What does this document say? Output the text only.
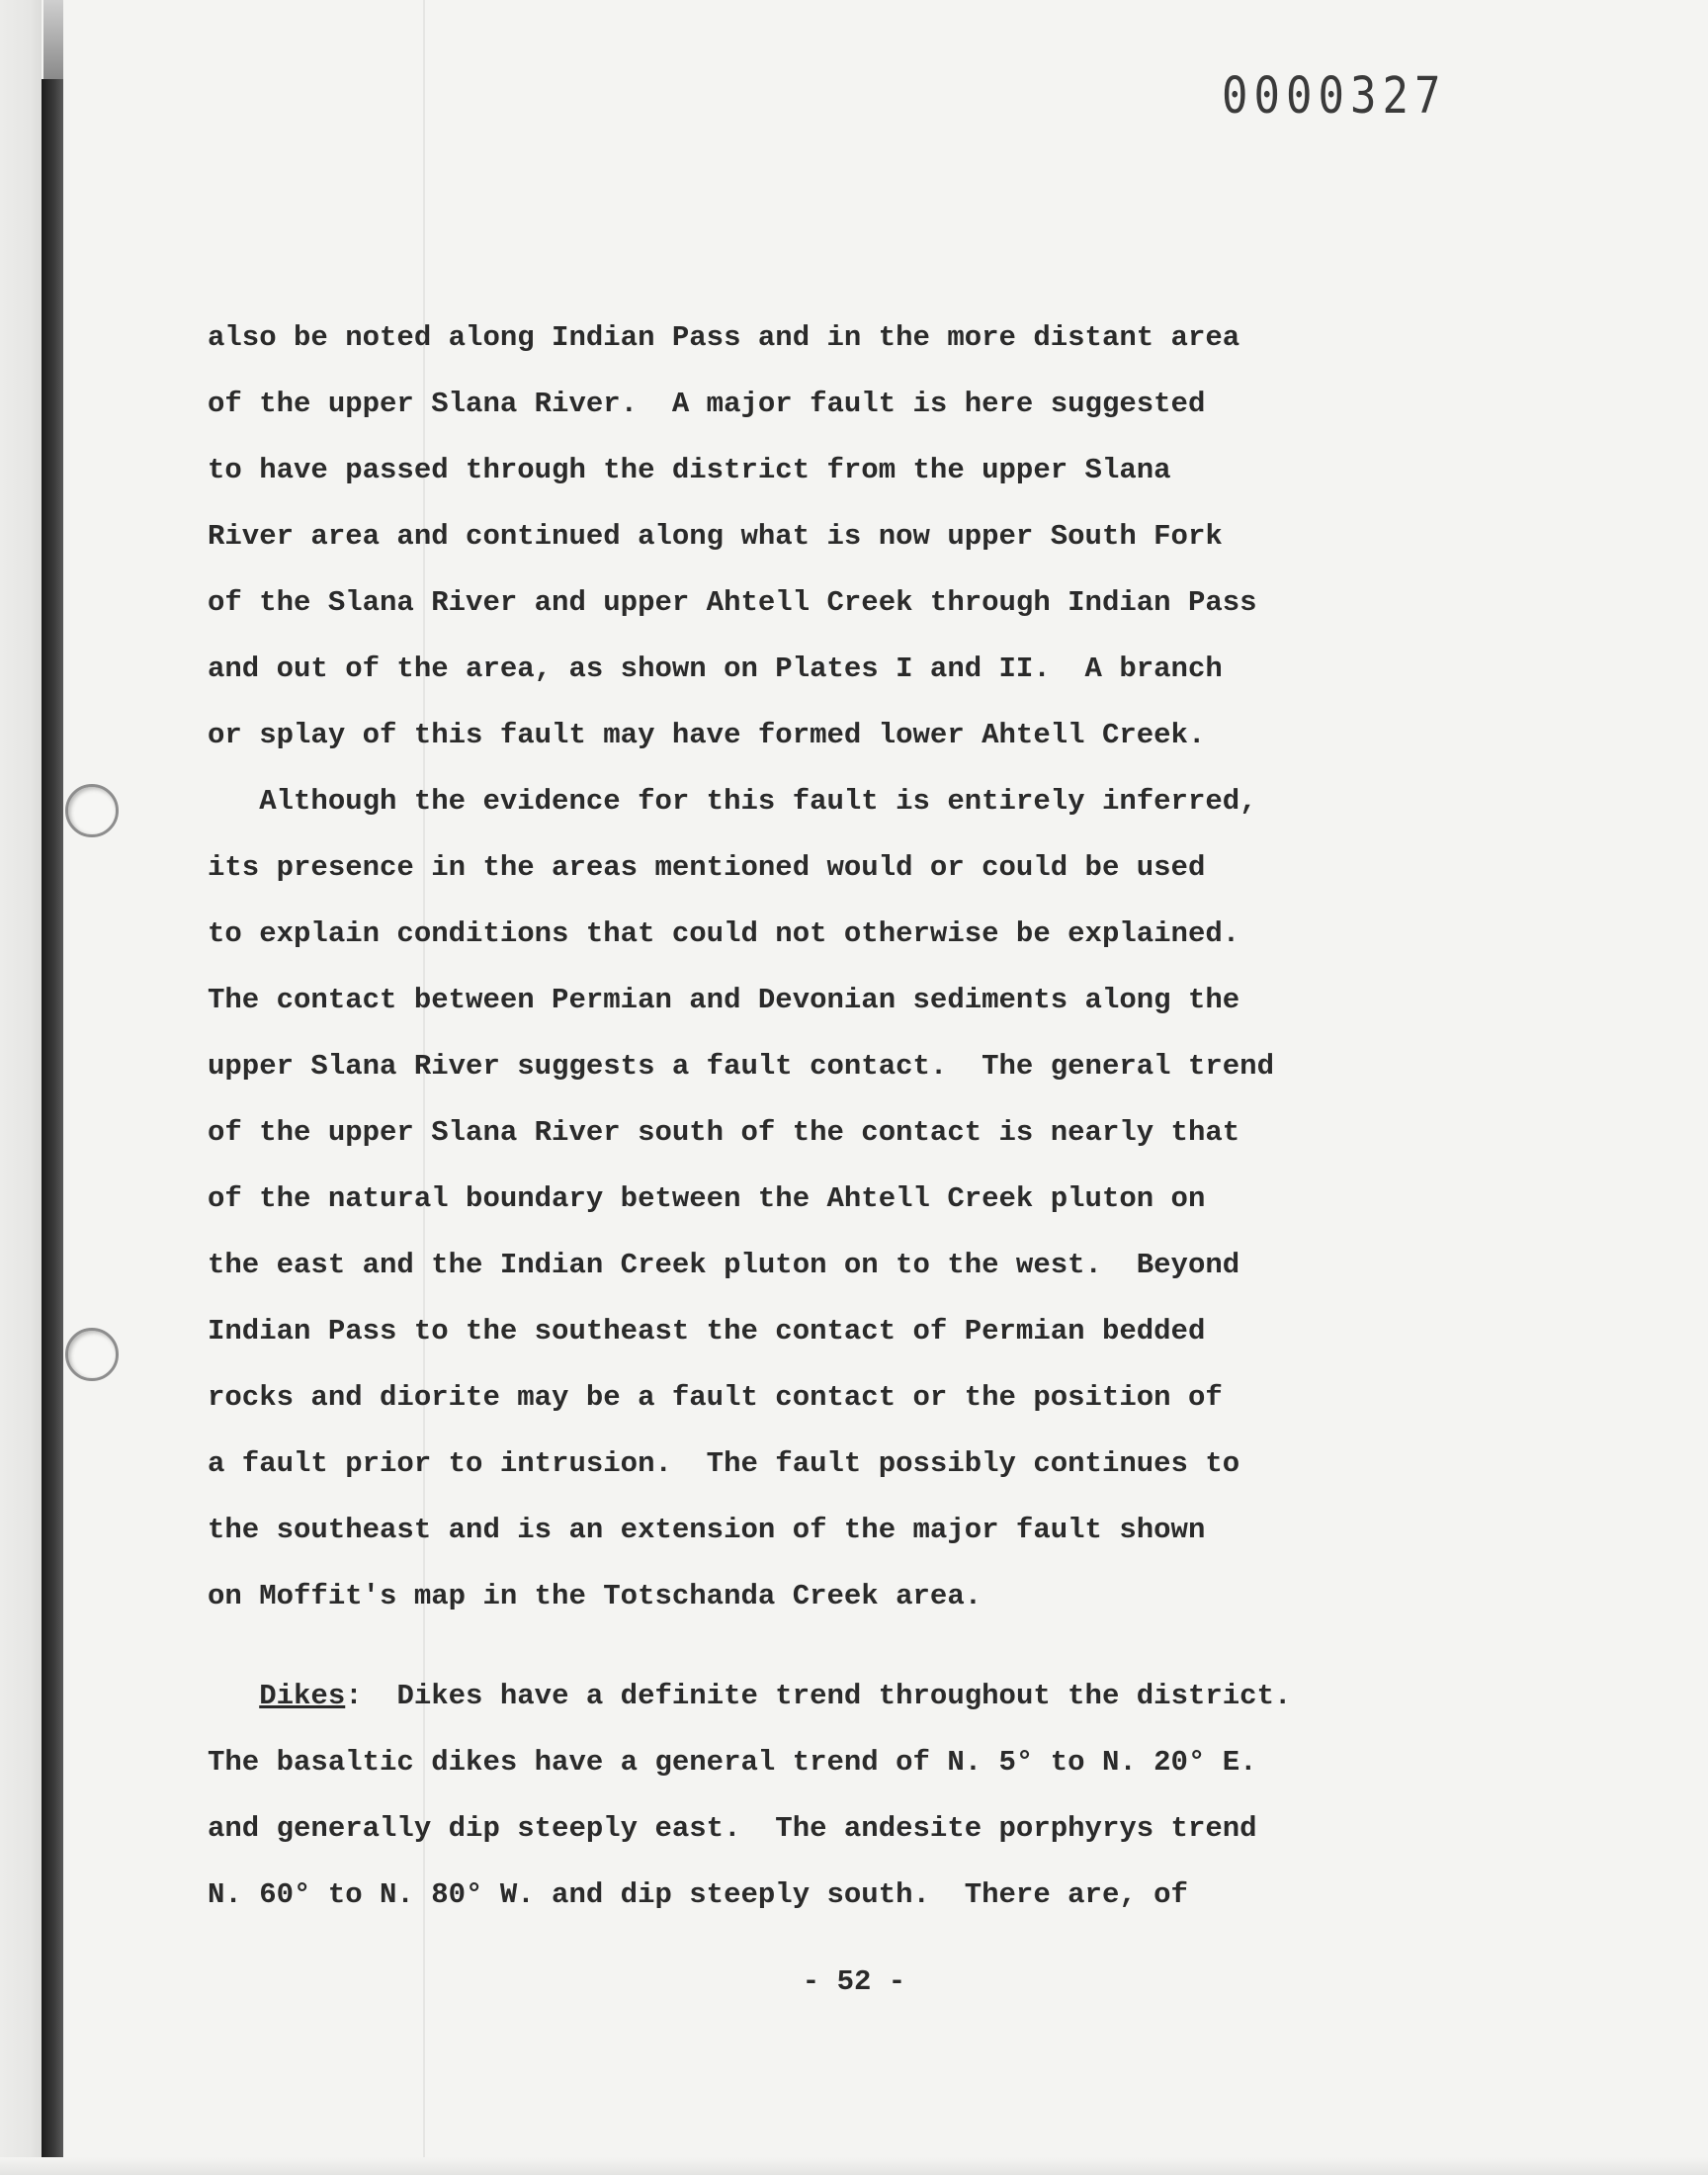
0000327
also be noted along Indian Pass and in the more distant area
of the upper Slana River.  A major fault is here suggested
to have passed through the district from the upper Slana
River area and continued along what is now upper South Fork
of the Slana River and upper Ahtell Creek through Indian Pass
and out of the area, as shown on Plates I and II.  A branch
or splay of this fault may have formed lower Ahtell Creek.
Although the evidence for this fault is entirely inferred,
its presence in the areas mentioned would or could be used
to explain conditions that could not otherwise be explained.
The contact between Permian and Devonian sediments along the
upper Slana River suggests a fault contact.  The general trend
of the upper Slana River south of the contact is nearly that
of the natural boundary between the Ahtell Creek pluton on
the east and the Indian Creek pluton on to the west.  Beyond
Indian Pass to the southeast the contact of Permian bedded
rocks and diorite may be a fault contact or the position of
a fault prior to intrusion.  The fault possibly continues to
the southeast and is an extension of the major fault shown
on Moffit's map in the Totschanda Creek area.
Dikes:  Dikes have a definite trend throughout the district.
The basaltic dikes have a general trend of N. 5° to N. 20° E.
and generally dip steeply east.  The andesite porphyrys trend
N. 60° to N. 80° W. and dip steeply south.  There are, of
- 52 -
